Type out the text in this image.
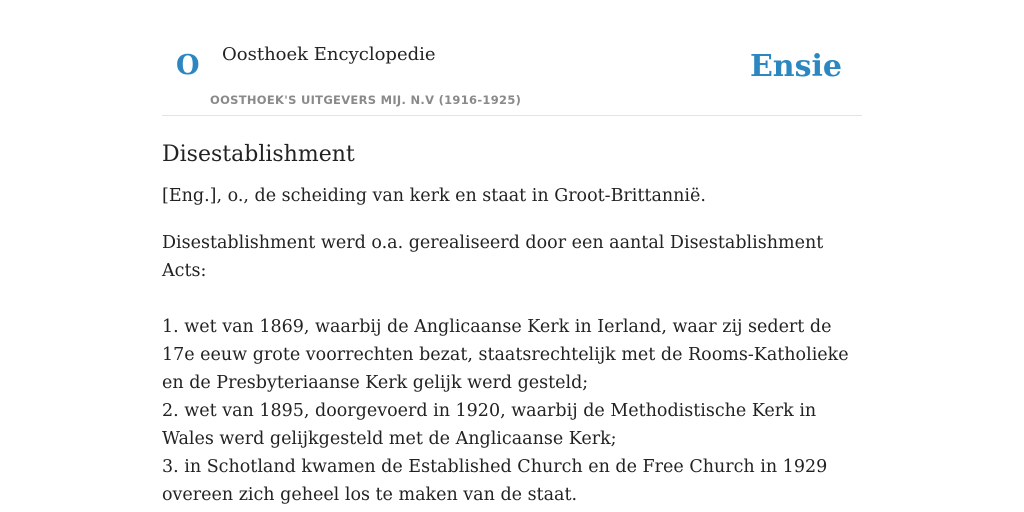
O Oosthoek Encyclopedie
OOSTHOEK'S UITGEVERS MIJ. N.V (1916-1925)
Ensie
Disestablishment

[Eng.], o., de scheiding van kerk en staat in Groot-Brittannië.

Disestablishment werd o.a. gerealiseerd door een aantal Disestablishment Acts:

1. wet van 1869, waarbij de Anglicaanse Kerk in Ierland, waar zij sedert de 17e eeuw grote voorrechten bezat, staatsrechtelijk met de Rooms-Katholieke en de Presbyteriaanse Kerk gelijk werd gesteld;
2. wet van 1895, doorgevoerd in 1920, waarbij de Methodistische Kerk in Wales werd gelijkgesteld met de Anglicaanse Kerk;
3. in Schotland kwamen de Established Church en de Free Church in 1929 overeen zich geheel los te maken van de staat.
